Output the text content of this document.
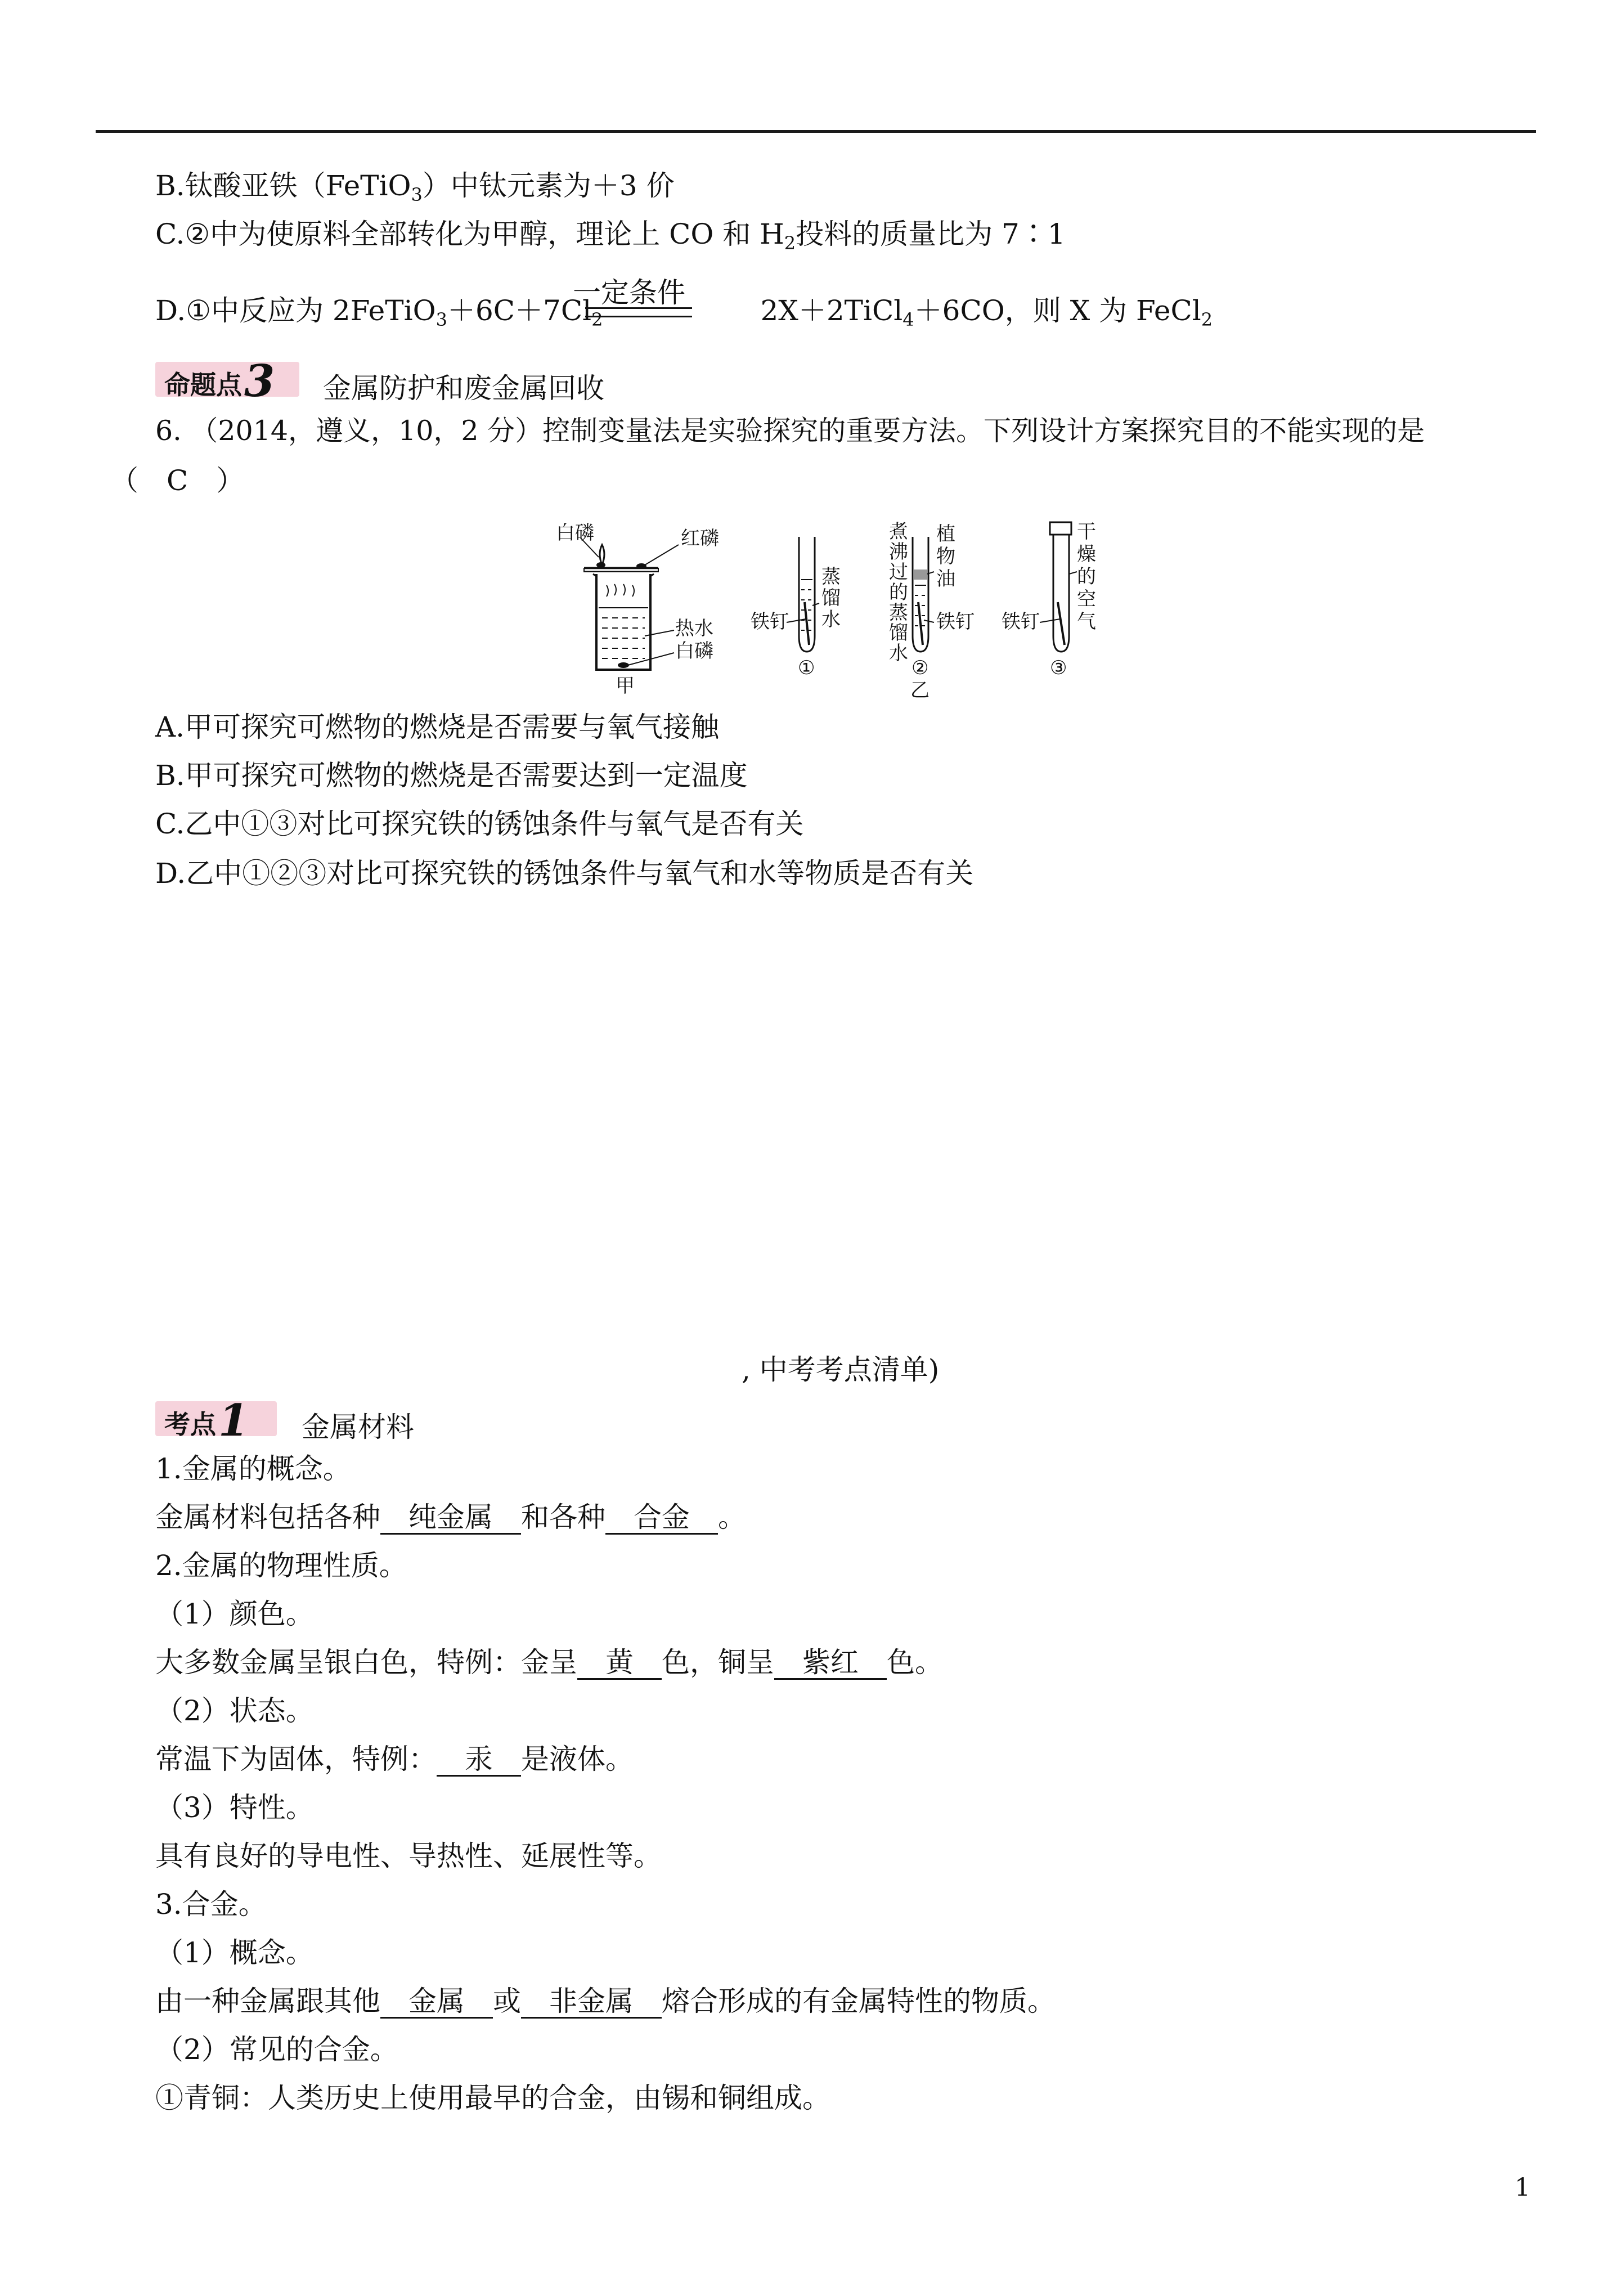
B.钛酸亚铁（FeTiO$_3$）中钛元素为＋3 价
C.②中为使原料全部转化为甲醇，理论上 CO 和 $H_2$投料的质量比为 7∶1
D.①中反应为 $2FeTiO_3+6C+7Cl_2$	2X＋2TiCl$_4$＋6CO，则 X 为 FeCl$_2$
一定条件
命题点3	金属防护和废金属回收
6. （2014，遵义，10，2 分）控制变量法是实验探究的重要方法。下列设计方案探究目的不能实现的是
（　C　）
白磷	红磷
热水
白磷
甲
铁钉
蒸
馏
水
①
煮
沸
过
的
蒸
馏
水
植
物
油
铁钉
②
乙
铁钉
干
燥
的
空
气
③
A.甲可探究可燃物的燃烧是否需要与氧气接触
B.甲可探究可燃物的燃烧是否需要达到一定温度
C.乙中①③对比可探究铁的锈蚀条件与氧气是否有关
D.乙中①②③对比可探究铁的锈蚀条件与氧气和水等物质是否有关
, 中考考点清单)
考点1	金属材料
1.金属的概念。
金属材料包括各种 纯金属 和各种 合金 。
2.金属的物理性质。
（1）颜色。
大多数金属呈银白色，特例：金呈 黄 色，铜呈 紫红 色。
（2）状态。
常温下为固体，特例： 汞 是液体。
（3）特性。
具有良好的导电性、导热性、延展性等。
3.合金。
（1）概念。
由一种金属跟其他 金属 或 非金属 熔合形成的有金属特性的物质。
（2）常见的合金。
①青铜：人类历史上使用最早的合金，由锡和铜组成。
1
